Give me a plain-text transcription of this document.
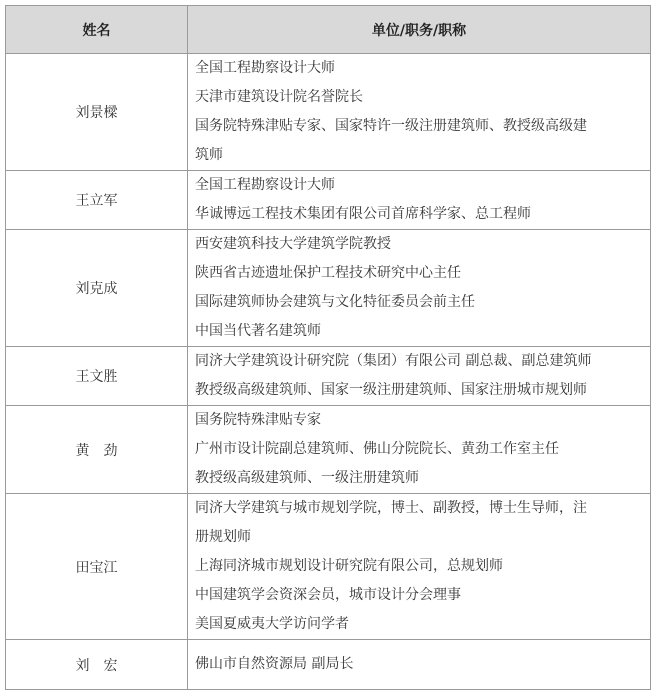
姓名	单位/职务/职称
刘景樑	全国工程勘察设计大师
天津市建筑设计院名誉院长
国务院特殊津贴专家、国家特许一级注册建筑师、教授级高级建
筑师

王立军	全国工程勘察设计大师
华诚博远工程技术集团有限公司首席科学家、总工程师

刘克成	西安建筑科技大学建筑学院教授
陕西省古迹遗址保护工程技术研究中心主任
国际建筑师协会建筑与文化特征委员会前主任
中国当代著名建筑师

王文胜	同济大学建筑设计研究院（集团）有限公司 副总裁、副总建筑师
教授级高级建筑师、国家一级注册建筑师、国家注册城市规划师

黄　劲	国务院特殊津贴专家
广州市设计院副总建筑师、佛山分院院长、黄劲工作室主任
教授级高级建筑师、一级注册建筑师

田宝江	同济大学建筑与城市规划学院，博士、副教授，博士生导师，注
册规划师
上海同济城市规划设计研究院有限公司，总规划师
中国建筑学会资深会员，城市设计分会理事
美国夏威夷大学访问学者

刘　宏	佛山市自然资源局 副局长
